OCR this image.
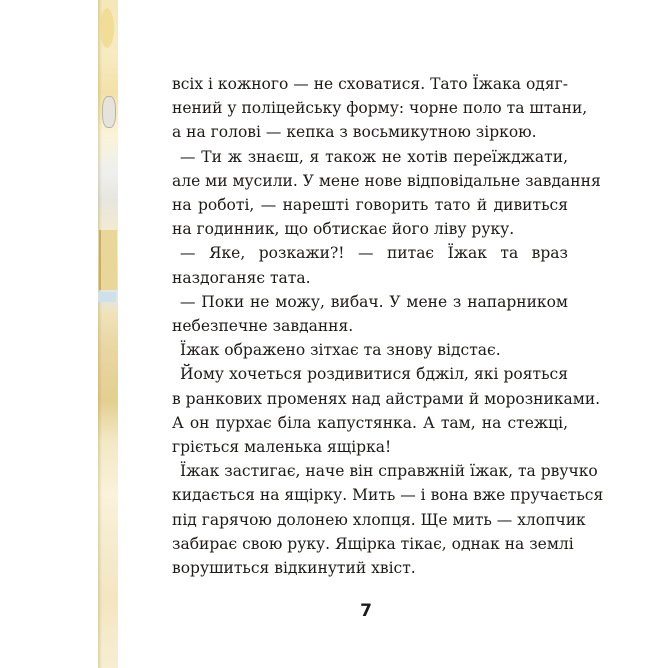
всіх і кожного — не сховатися. Тато Їжака одяг-
нений у поліцейську форму: чорне поло та штани,
а на голові — кепка з восьмикутною зіркою.

— Ти ж знаєш, я також не хотів переїжджати,
але ми мусили. У мене нове відповідальне завдання
на роботі, — нарешті говорить тато й дивиться
на годинник, що обтискає його ліву руку.

— Яке, розкажи?! — питає Їжак та враз
наздоганяє тата.

— Поки не можу, вибач. У мене з напарником
небезпечне завдання.

Їжак ображено зітхає та знову відстає.

Йому хочеться роздивитися бджіл, які рояться
в ранкових променях над айстрами й морозниками.
А он пурхає біла капустянка. А там, на стежці,
гріється маленька ящірка!

Їжак застигає, наче він справжній їжак, та рвучко
кидається на ящірку. Мить — і вона вже пручається
під гарячою долонею хлопця. Ще мить — хлопчик
забирає свою руку. Ящірка тікає, однак на землі
ворушиться відкинутий хвіст.

7
